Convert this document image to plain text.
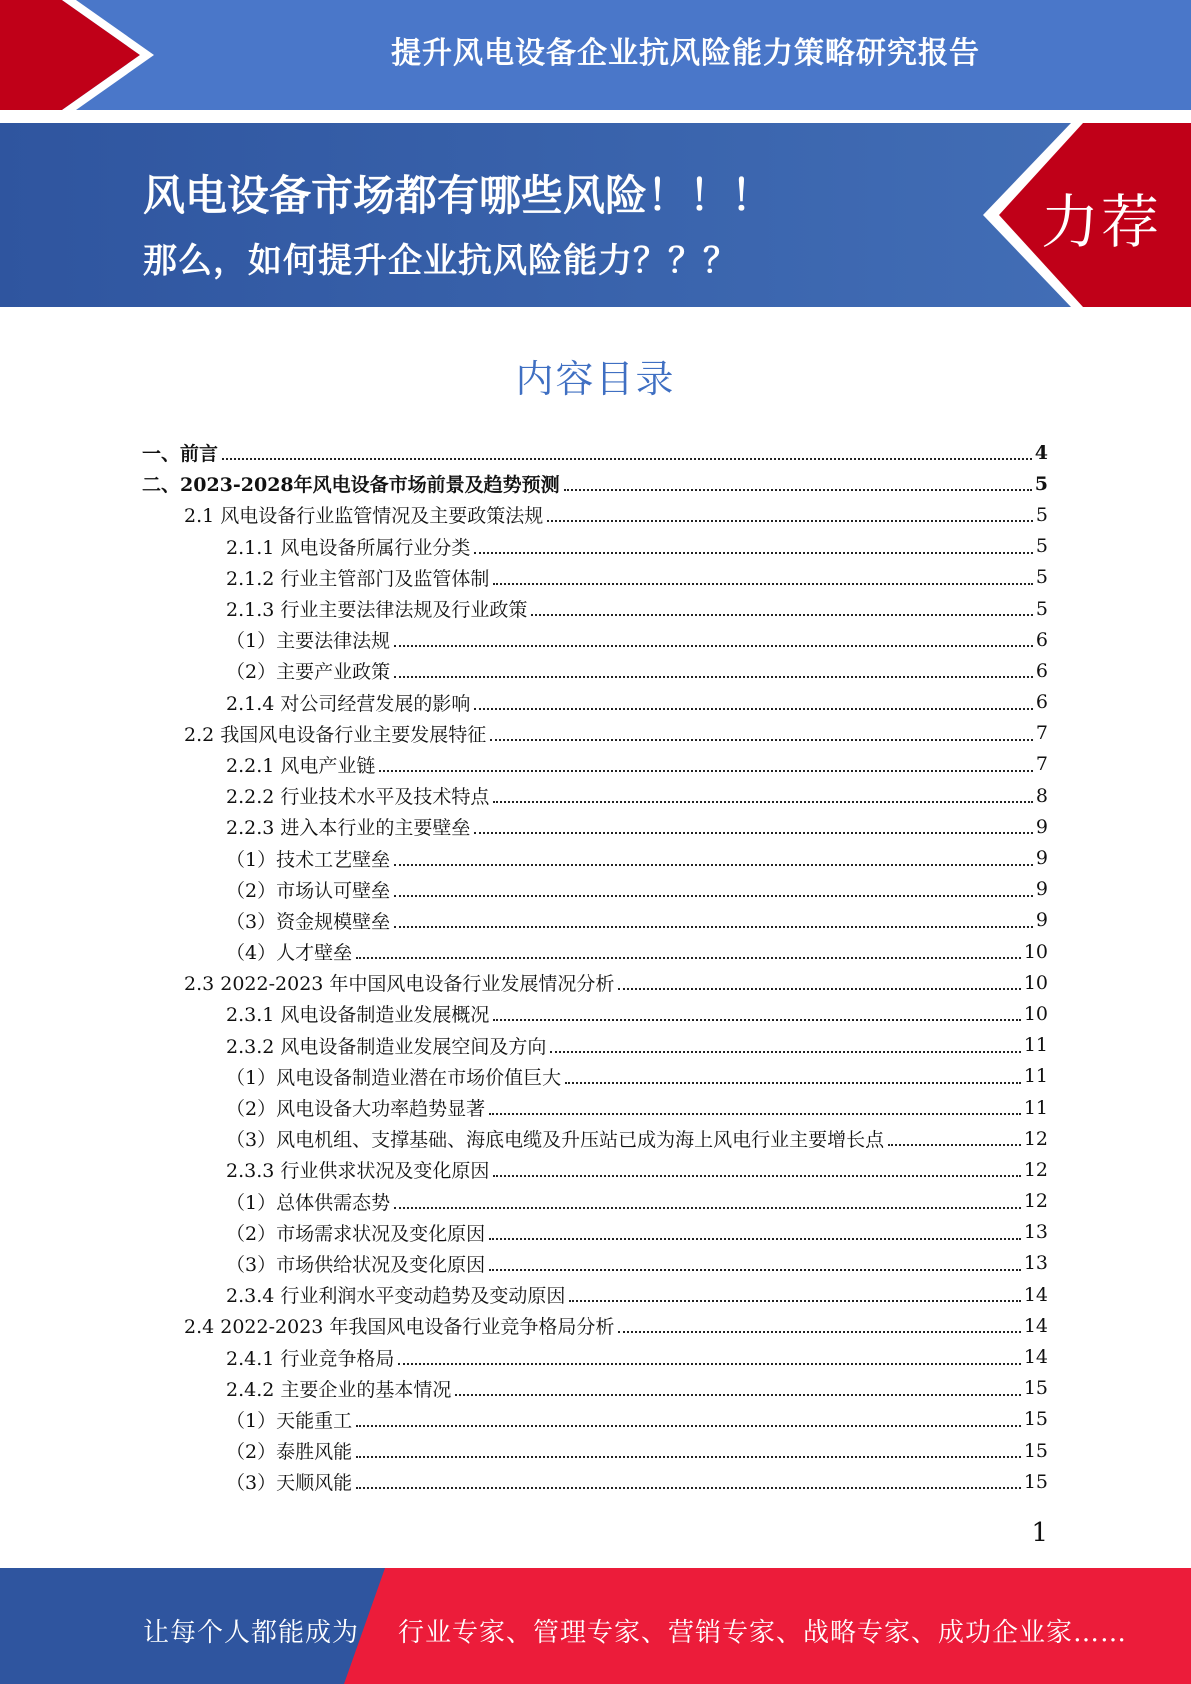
提升风电设备企业抗风险能力策略研究报告
风电设备市场都有哪些风险！！！
那么，如何提升企业抗风险能力？？？
力荐
内容目录
一、前言	4
二、2023-2028年风电设备市场前景及趋势预测	5
2.1 风电设备行业监管情况及主要政策法规	5
2.1.1 风电设备所属行业分类	5
2.1.2 行业主管部门及监管体制	5
2.1.3 行业主要法律法规及行业政策	5
（1）主要法律法规	6
（2）主要产业政策	6
2.1.4 对公司经营发展的影响	6
2.2 我国风电设备行业主要发展特征	7
2.2.1 风电产业链	7
2.2.2 行业技术水平及技术特点	8
2.2.3 进入本行业的主要壁垒	9
（1）技术工艺壁垒	9
（2）市场认可壁垒	9
（3）资金规模壁垒	9
（4）人才壁垒	10
2.3 2022-2023 年中国风电设备行业发展情况分析	10
2.3.1 风电设备制造业发展概况	10
2.3.2 风电设备制造业发展空间及方向	11
（1）风电设备制造业潜在市场价值巨大	11
（2）风电设备大功率趋势显著	11
（3）风电机组、支撑基础、海底电缆及升压站已成为海上风电行业主要增长点	12
2.3.3 行业供求状况及变化原因	12
（1）总体供需态势	12
（2）市场需求状况及变化原因	13
（3）市场供给状况及变化原因	13
2.3.4 行业利润水平变动趋势及变动原因	14
2.4 2022-2023 年我国风电设备行业竞争格局分析	14
2.4.1 行业竞争格局	14
2.4.2 主要企业的基本情况	15
（1）天能重工	15
（2）泰胜风能	15
（3）天顺风能	15
1
让每个人都能成为 行业专家、管理专家、营销专家、战略专家、成功企业家……
